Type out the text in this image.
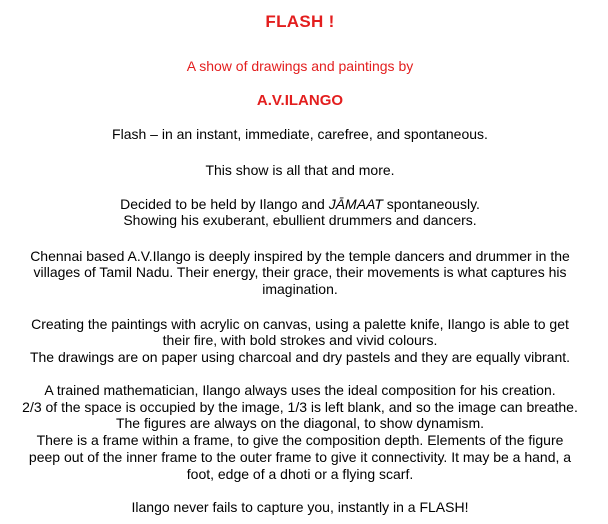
FLASH !

A show of drawings and paintings by

A.V.ILANGO

Flash – in an instant, immediate, carefree, and spontaneous.

This show is all that and more.

Decided to be held by Ilango and JĀMAAT spontaneously.

Showing his exuberant, ebullient drummers and dancers.

Chennai based A.V.Ilango is deeply inspired by the temple dancers and drummer in the

villages of Tamil Nadu. Their energy, their grace, their movements is what captures his

imagination.

Creating the paintings with acrylic on canvas, using a palette knife, Ilango is able to get

their fire, with bold strokes and vivid colours.

The drawings are on paper using charcoal and dry pastels and they are equally vibrant.

A trained mathematician, Ilango always uses the ideal composition for his creation.

2/3 of the space is occupied by the image, 1/3 is left blank, and so the image can breathe.

The figures are always on the diagonal, to show dynamism.

There is a frame within a frame, to give the composition depth. Elements of the figure

peep out of the inner frame to the outer frame to give it connectivity. It may be a hand, a

foot, edge of a dhoti or a flying scarf.

Ilango never fails to capture you, instantly in a FLASH!
